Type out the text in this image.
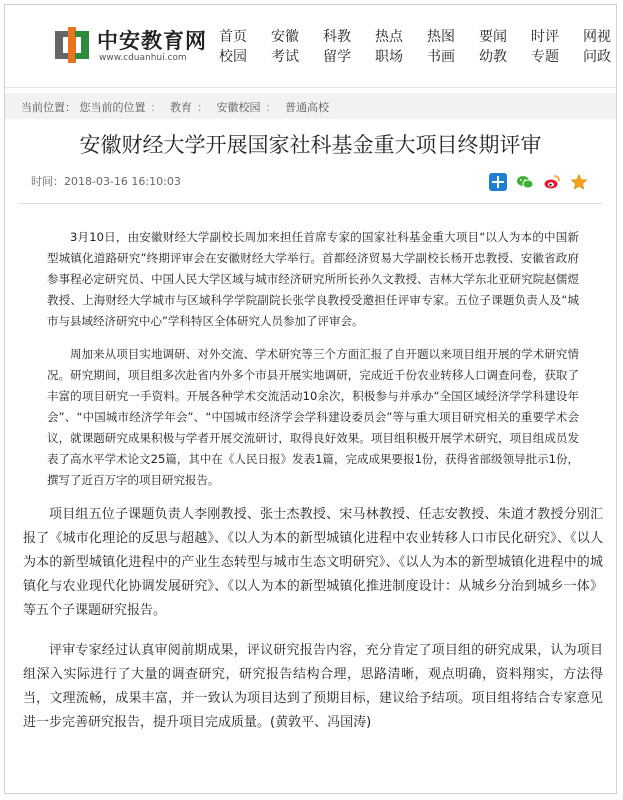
中安教育网
www.cduanhui.com
首页
校园
安徽
考试
科教
留学
热点
职场
热图
书画
要闻
幼教
时评
专题
网视
问政
当前位置： 您当前的位置 ： 教育 ： 安徽校园 ： 普通高校
安徽财经大学开展国家社科基金重大项目终期评审
时间：2018-03-16 16:10:03

3月10日，由安徽财经大学副校长周加来担任首席专家的国家社科基金重大项目“以人为本的中国新型城镇化道路研究”终期评审会在安徽财经大学举行。首都经济贸易大学副校长杨开忠教授、安徽省政府参事程必定研究员、中国人民大学区域与城市经济研究所所长孙久文教授、吉林大学东北亚研究院赵儒煜教授、上海财经大学城市与区域科学学院副院长张学良教授受邀担任评审专家。五位子课题负责人及“城市与县域经济研究中心”学科特区全体研究人员参加了评审会。

周加来从项目实地调研、对外交流、学术研究等三个方面汇报了自开题以来项目组开展的学术研究情况。研究期间，项目组多次赴省内外多个市县开展实地调研，完成近千份农业转移人口调查问卷，获取了丰富的项目研究一手资料。开展各种学术交流活动10余次，积极参与并承办“全国区域经济学学科建设年会”、“中国城市经济学年会”、“中国城市经济学会学科建设委员会”等与重大项目研究相关的重要学术会议，就课题研究成果积极与学者开展交流研讨，取得良好效果。项目组积极开展学术研究，项目组成员发表了高水平学术论文25篇，其中在《人民日报》发表1篇，完成成果要报1份，获得省部级领导批示1份，撰写了近百万字的项目研究报告。

项目组五位子课题负责人李刚教授、张士杰教授、宋马林教授、任志安教授、朱道才教授分别汇报了《城市化理论的反思与超越》、《以人为本的新型城镇化进程中农业转移人口市民化研究》、《以人为本的新型城镇化进程中的产业生态转型与城市生态文明研究》、《以人为本的新型城镇化进程中的城镇化与农业现代化协调发展研究》、《以人为本的新型城镇化推进制度设计：从城乡分治到城乡一体》等五个子课题研究报告。

评审专家经过认真审阅前期成果，评议研究报告内容，充分肯定了项目组的研究成果，认为项目组深入实际进行了大量的调查研究，研究报告结构合理，思路清晰，观点明确，资料翔实，方法得当，文理流畅，成果丰富，并一致认为项目达到了预期目标，建议给予结项。项目组将结合专家意见进一步完善研究报告，提升项目完成质量。(黄敦平、冯国涛)
